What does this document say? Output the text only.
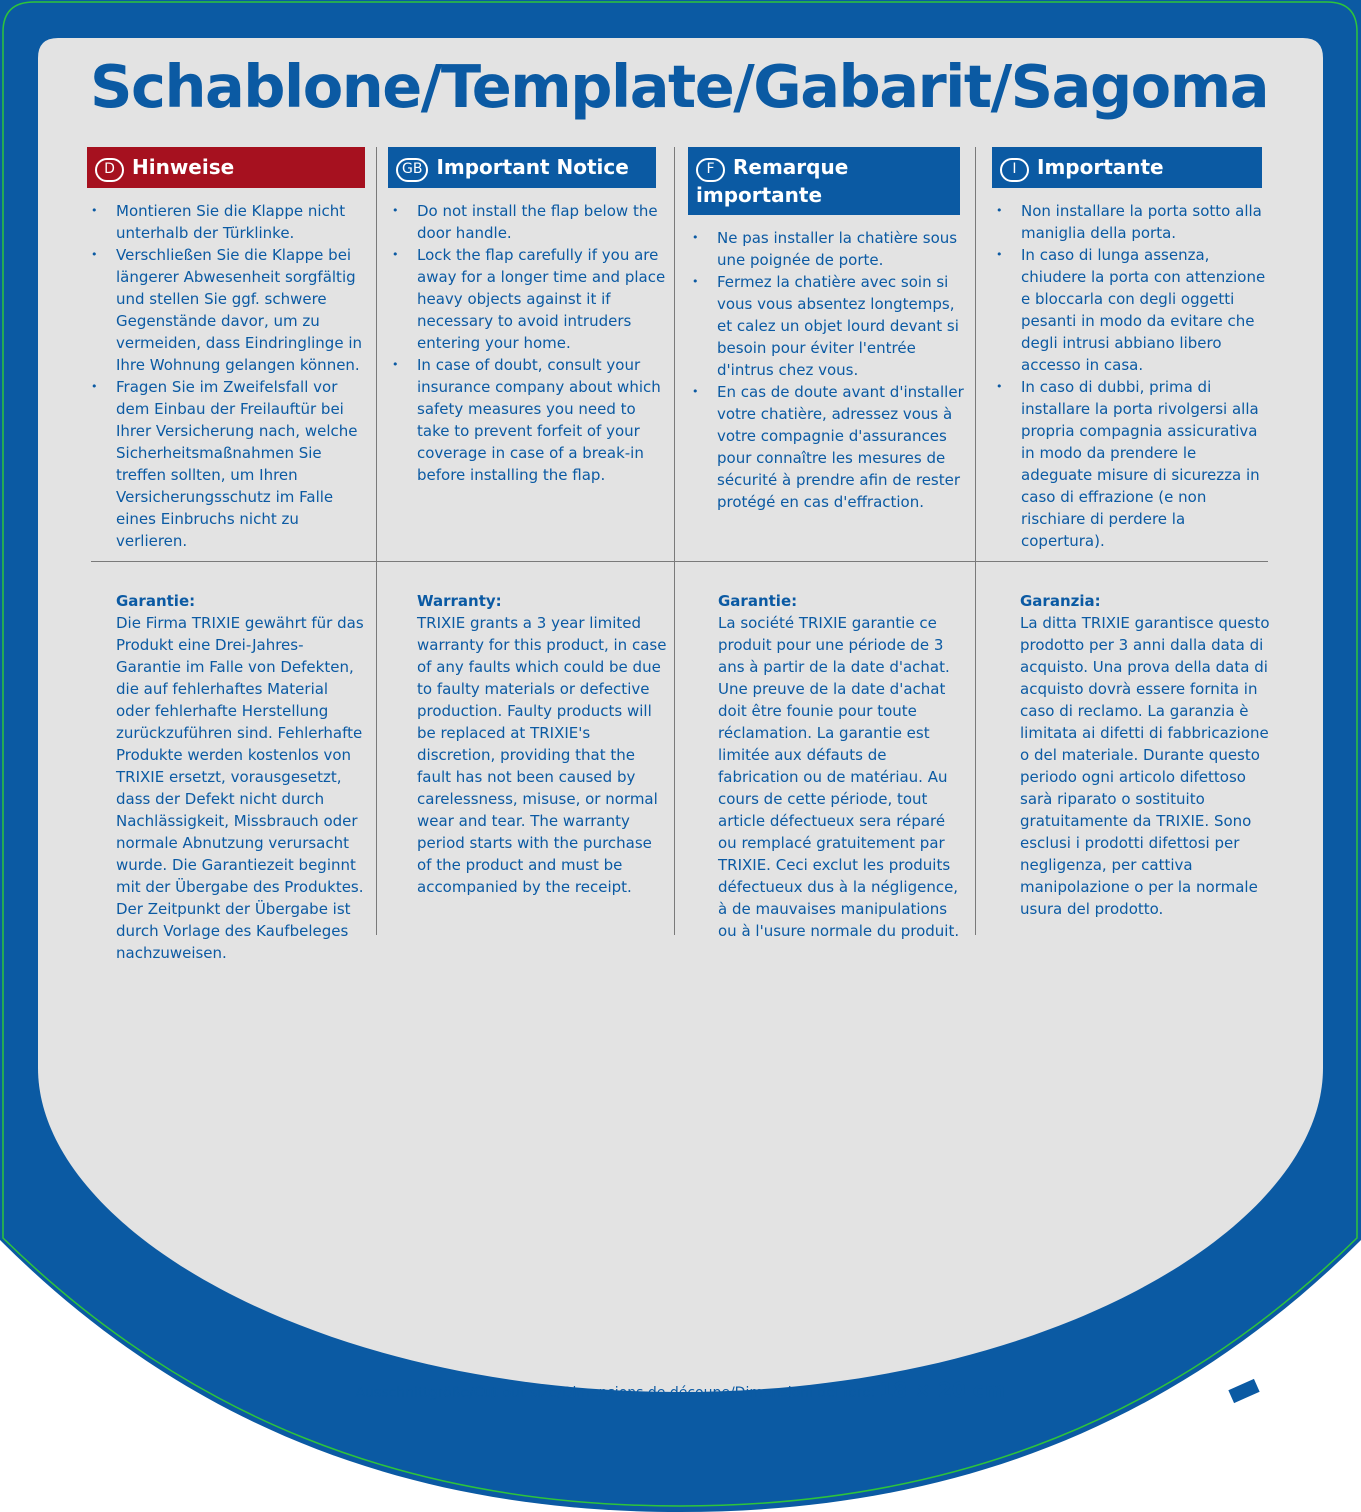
Schablone/Template/Gabarit/Sagoma
D Hinweise
• Montieren Sie die Klappe nicht unterhalb der Türklinke.
• Verschließen Sie die Klappe bei längerer Abwesenheit sorgfältig und stellen Sie ggf. schwere Gegenstände davor, um zu vermeiden, dass Eindringlinge in Ihre Wohnung gelangen können.
• Fragen Sie im Zweifelsfall vor dem Einbau der Freilauftür bei Ihrer Versicherung nach, welche Sicherheitsmaßnahmen Sie treffen sollten, um Ihren Versicherungsschutz im Falle eines Einbruchs nicht zu verlieren.
GB Important Notice
• Do not install the flap below the door handle.
• Lock the flap carefully if you are away for a longer time and place heavy objects against it if necessary to avoid intruders entering your home.
• In case of doubt, consult your insurance company about which safety measures you need to take to prevent forfeit of your coverage in case of a break-in before installing the flap.
F Remarque importante
• Ne pas installer la chatière sous une poignée de porte.
• Fermez la chatière avec soin si vous vous absentez longtemps, et calez un objet lourd devant si besoin pour éviter l'entrée d'intrus chez vous.
• En cas de doute avant d'installer votre chatière, adressez vous à votre compagnie d'assurances pour connaître les mesures de sécurité à prendre afin de rester protégé en cas d'effraction.
I Importante
• Non installare la porta sotto alla maniglia della porta.
• In caso di lunga assenza, chiudere la porta con attenzione e bloccarla con degli oggetti pesanti in modo da evitare che degli intrusi abbiano libero accesso in casa.
• In caso di dubbi, prima di installare la porta rivolgersi alla propria compagnia assicurativa in modo da prendere le adeguate misure di sicurezza in caso di effrazione (e non rischiare di perdere la copertura).
Garantie:
Die Firma TRIXIE gewährt für das Produkt eine Drei-Jahres-Garantie im Falle von Defekten, die auf fehlerhaftes Material oder fehlerhafte Herstellung zurückzuführen sind. Fehlerhafte Produkte werden kostenlos von TRIXIE ersetzt, vorausgesetzt, dass der Defekt nicht durch Nachlässigkeit, Missbrauch oder normale Abnutzung verursacht wurde. Die Garantiezeit beginnt mit der Übergabe des Produktes. Der Zeitpunkt der Übergabe ist durch Vorlage des Kaufbeleges nachzuweisen.
Warranty:
TRIXIE grants a 3 year limited warranty for this product, in case of any faults which could be due to faulty materials or defective production. Faulty products will be replaced at TRIXIE's discretion, providing that the fault has not been caused by carelessness, misuse, or normal wear and tear. The warranty period starts with the purchase of the product and must be accompanied by the receipt.
Garantie:
La société TRIXIE garantie ce produit pour une période de 3 ans à partir de la date d'achat. Une preuve de la date d'achat doit être founie pour toute réclamation. La garantie est limitée aux défauts de fabrication ou de matériau. Au cours de cette période, tout article défectueux sera réparé ou remplacé gratuitement par TRIXIE. Ceci exclut les produits défectueux dus à la négligence, à de mauvaises manipulations ou à l'usure normale du produit.
Garanzia:
La ditta TRIXIE garantisce questo prodotto per 3 anni dalla data di acquisto. Una prova della data di acquisto dovrà essere fornita in caso di reclamo. La garanzia è limitata ai difetti di fabbricazione o del materiale. Durante questo periodo ogni articolo difettoso sarà riparato o sostituito gratuitamente da TRIXIE. Sono esclusi i prodotti difettosi per negligenza, per cattiva manipolazione o per la normale usura del prodotto.
Ausschnittgröße/Cut out size/Dimensions de découpe/Dimensioni del foro: 18 × 20 cm
